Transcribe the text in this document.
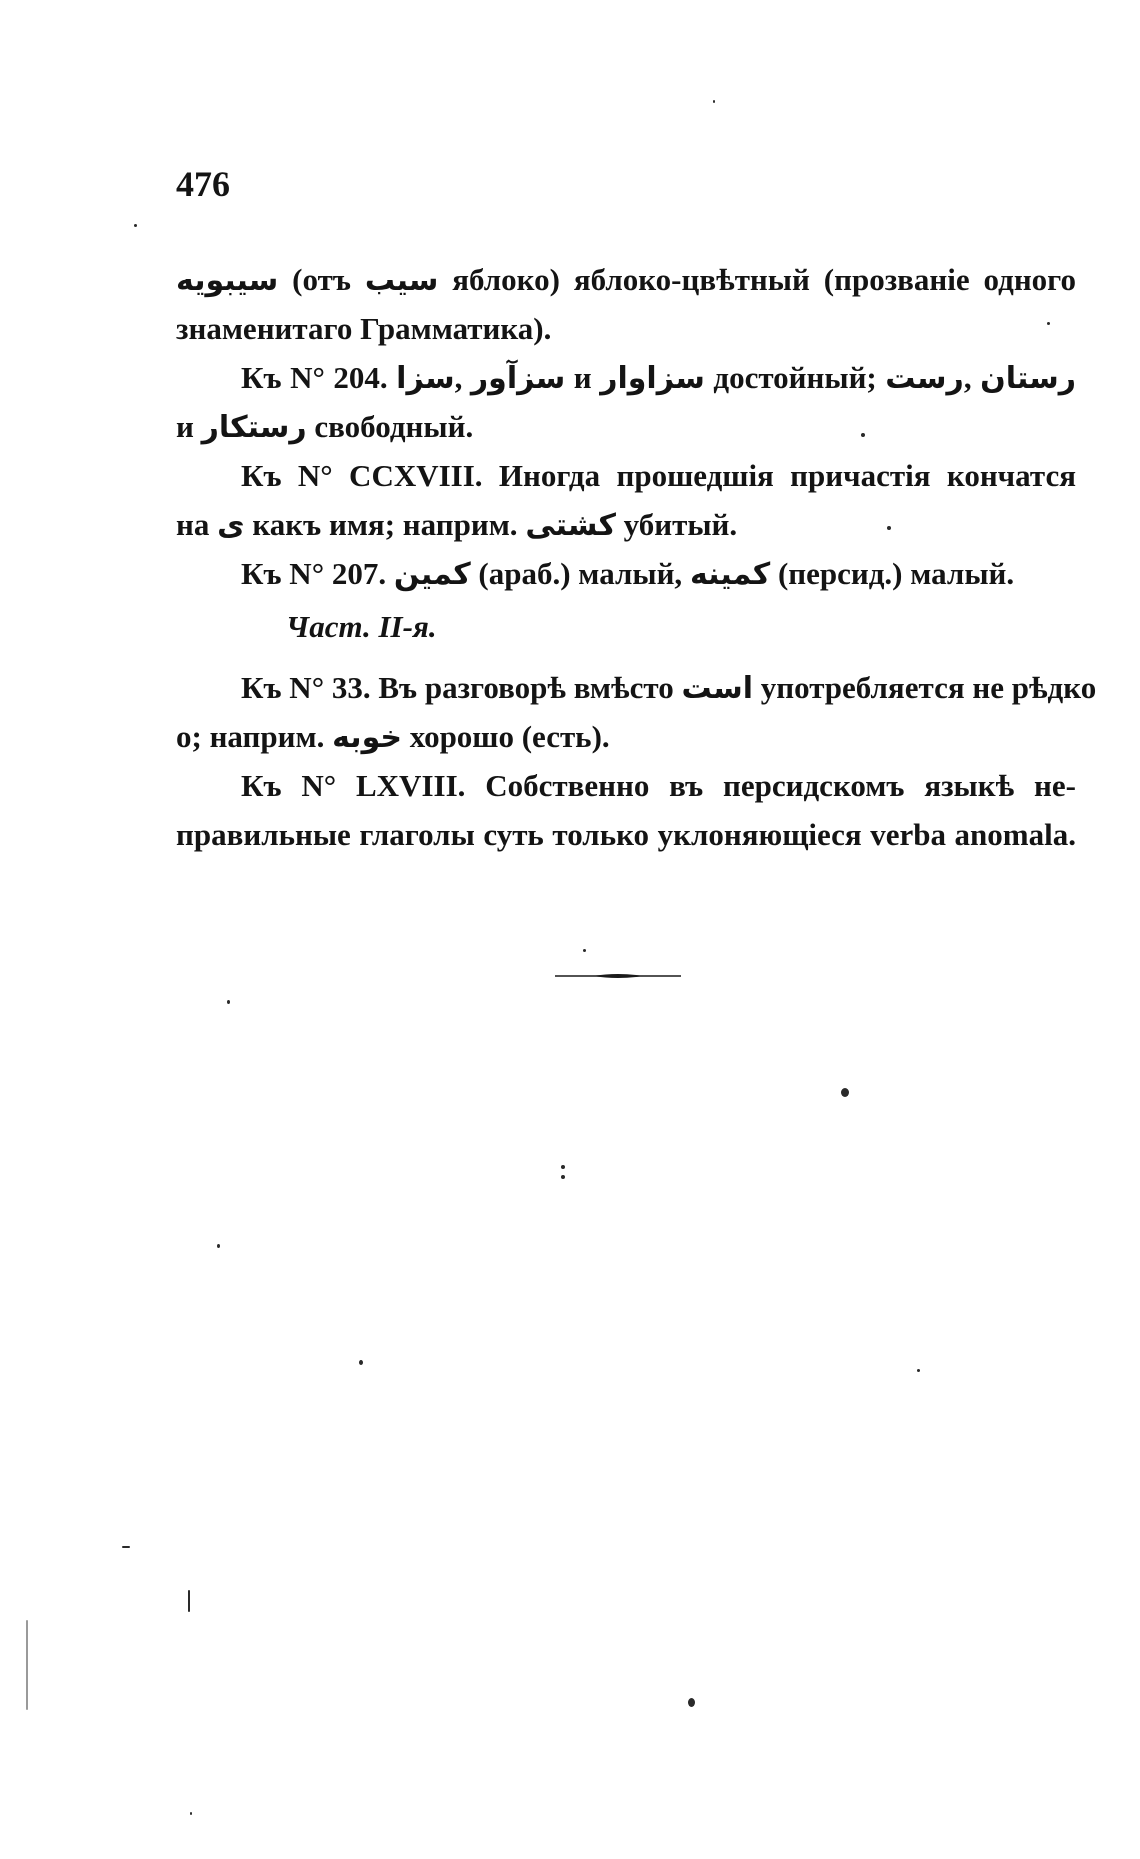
476
سيبويه (отъ سيب яблоко) яблоко-цвѣтный (прозваніе одного
знаменитаго Грамматика).
Къ N° 204. سزا, سزآور и سزاوار достойный; رست, رستان
и رستكار свободный.
Къ N° CCXVIII. Иногда прошедшія причастія кончатся
на ى какъ имя; наприм. كشتى убитый.
Къ N° 207. كمين (араб.) малый, كمينه (персид.) малый.
Част. II-я.
Къ N° 33. Въ разговорѣ вмѣсто است употребляется не рѣдко
о; наприм. خوبه хорошо (есть).
Къ N° LXVIII. Собственно въ персидскомъ языкѣ не-
правильные глаголы суть только уклоняющіеся verba anomala.
